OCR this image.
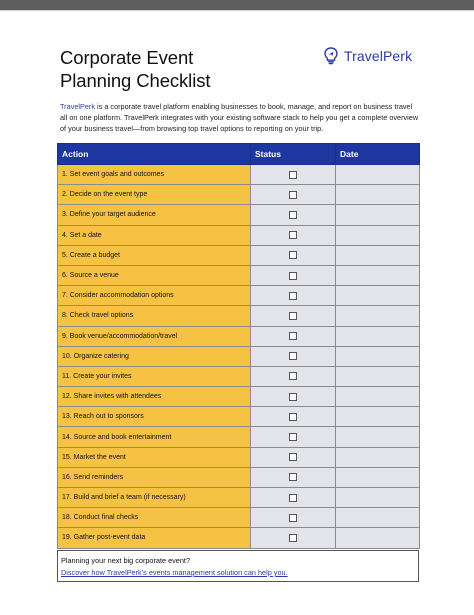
Corporate Event
Planning Checklist
TravelPerk
TravelPerk is a corporate travel platform enabling businesses to book, manage, and report on business travel all on one platform. TravelPerk integrates with your existing software stack to help you get a complete overview of your business travel—from browsing top travel options to reporting on your trip.
Action	Status	Date
1. Set event goals and outcomes		
2. Decide on the event type		
3. Define your target audience		
4. Set a date		
5. Create a budget		
6. Source a venue		
7. Consider accommodation options		
8. Check travel options		
9. Book venue/accommodation/travel		
10. Organize catering		
11. Create your invites		
12. Share invites with attendees		
13. Reach out to sponsors		
14. Source and book entertainment		
15. Market the event		
16. Send reminders		
17. Build and brief a team (if necessary)		
18. Conduct final checks		
19. Gather post-event data		
Planning your next big corporate event?
Discover how TravelPerk’s events management solution can help you.
